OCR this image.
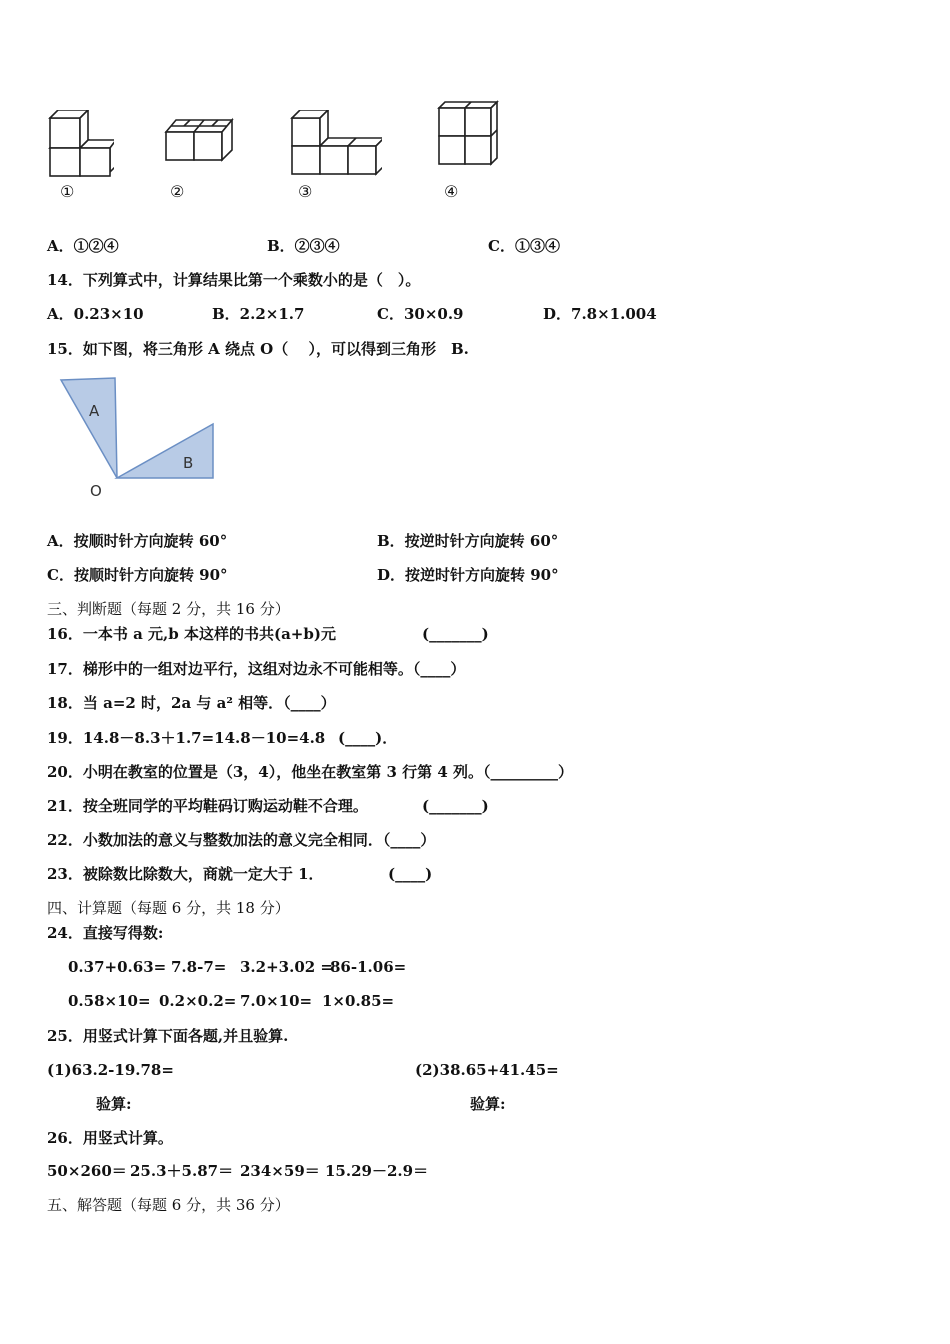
①	②	③	④
A．①②④	B．②③④	C．①③④
14．下列算式中，计算结果比第一个乘数小的是（　）。
A．0.23×10	B．2.2×1.7	C．30×0.9	D．7.8×1.004
15．如下图，将三角形 A 绕点 O（　 ），可以得到三角形　B.
A
B
O
A．按顺时针方向旋转 60°	B．按逆时针方向旋转 60°
C．按顺时针方向旋转 90°	D．按逆时针方向旋转 90°
三、判断题（每题 2 分，共 16 分）
16．一本书 a 元,b 本这样的书共(a+b)元	(_______)
17．梯形中的一组对边平行，这组对边永不可能相等。（____）
18．当 a=2 时，2a 与 a² 相等．（____）
19．14.8－8.3＋1.7=14.8－10=4.8 (____)．
20．小明在教室的位置是（3，4），他坐在教室第 3 行第 4 列。（_________）
21．按全班同学的平均鞋码订购运动鞋不合理。	(_______)
22．小数加法的意义与整数加法的意义完全相同．（____）
23．被除数比除数大，商就一定大于 1．	(____)
四、计算题（每题 6 分，共 18 分）
24．直接写得数:
0.37+0.63= 7.8-7= 3.2+3.02 =
86-1.06=
0.58×10= 0.2×0.2= 7.0×10= 1×0.85=
25．用竖式计算下面各题,并且验算.
(1)63.2-19.78=	(2)38.65+41.45=
验算:	验算:
26．用竖式计算。
50×260＝ 25.3＋5.87＝ 234×59＝ 15.29－2.9＝
五、解答题（每题 6 分，共 36 分）
